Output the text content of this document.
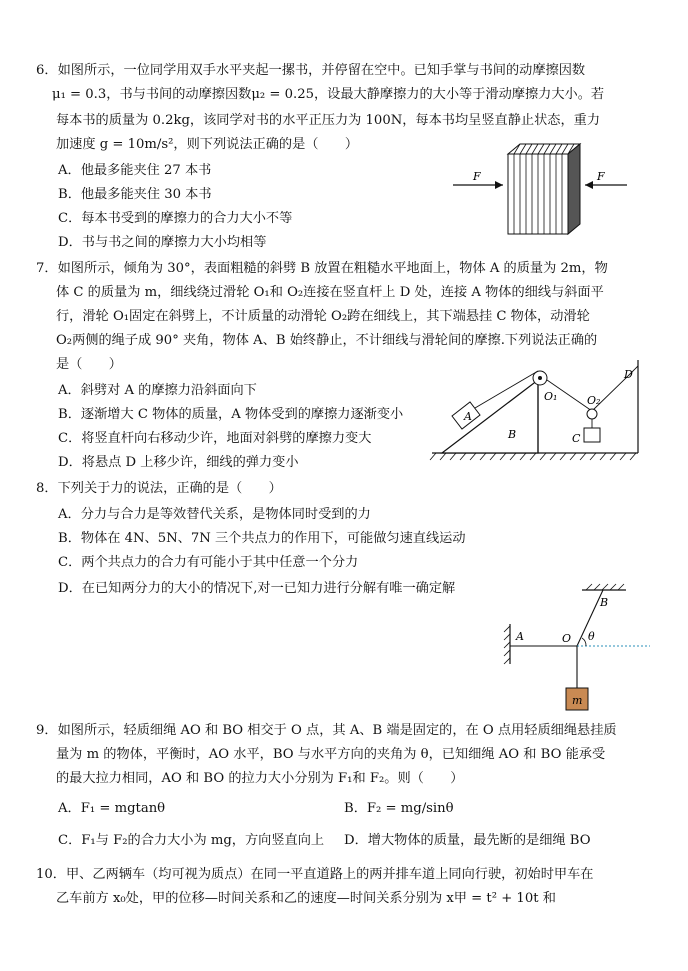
6．如图所示，一位同学用双手水平夹起一摞书，并停留在空中。已知手掌与书间的动摩擦因数
μ₁ = 0.3，书与书间的动摩擦因数μ₂ = 0.25，设最大静摩擦力的大小等于滑动摩擦力大小。若
每本书的质量为 0.2kg，该同学对书的水平正压力为 100N，每本书均呈竖直静止状态，重力
加速度 g = 10m/s²，则下列说法正确的是（　　）
A．他最多能夹住 27 本书
B．他最多能夹住 30 本书
C．每本书受到的摩擦力的合力大小不等
D．书与书之间的摩擦力大小均相等
F	F
7．如图所示，倾角为 30°，表面粗糙的斜劈 B 放置在粗糙水平地面上，物体 A 的质量为 2m，物
体 C 的质量为 m，细线绕过滑轮 O₁和 O₂连接在竖直杆上 D 处，连接 A 物体的细线与斜面平
行，滑轮 O₁固定在斜劈上，不计质量的动滑轮 O₂跨在细线上，其下端悬挂 C 物体，动滑轮
O₂两侧的绳子成 90° 夹角，物体 A、B 始终静止，不计细线与滑轮间的摩擦.下列说法正确的
是（　　）
A．斜劈对 A 的摩擦力沿斜面向下
B．逐渐增大 C 物体的质量，A 物体受到的摩擦力逐渐变小
C．将竖直杆向右移动少许，地面对斜劈的摩擦力变大
D．将悬点 D 上移少许，细线的弹力变小
A
B	C
D
O₁	O₂
8．下列关于力的说法，正确的是（　　）
A．分力与合力是等效替代关系，是物体同时受到的力
B．物体在 4N、5N、7N 三个共点力的作用下，可能做匀速直线运动
C．两个共点力的合力有可能小于其中任意一个分力
D．在已知两分力的大小的情况下,对一已知力进行分解有唯一确定解
A
B
O θ
m
9．如图所示，轻质细绳 AO 和 BO 相交于 O 点，其 A、B 端是固定的，在 O 点用轻质细绳悬挂质
量为 m 的物体，平衡时，AO 水平，BO 与水平方向的夹角为 θ，已知细绳 AO 和 BO 能承受
的最大拉力相同，AO 和 BO 的拉力大小分别为 F₁和 F₂。则（　　）
A．F₁ = mgtanθ	B．F₂ = mg/sinθ
C．F₁与 F₂的合力大小为 mg，方向竖直向上 D．增大物体的质量，最先断的是细绳 BO
10．甲、乙两辆车（均可视为质点）在同一平直道路上的两并排车道上同向行驶，初始时甲车在
乙车前方 x₀处，甲的位移—时间关系和乙的速度—时间关系分别为 x甲 = t² + 10t 和
